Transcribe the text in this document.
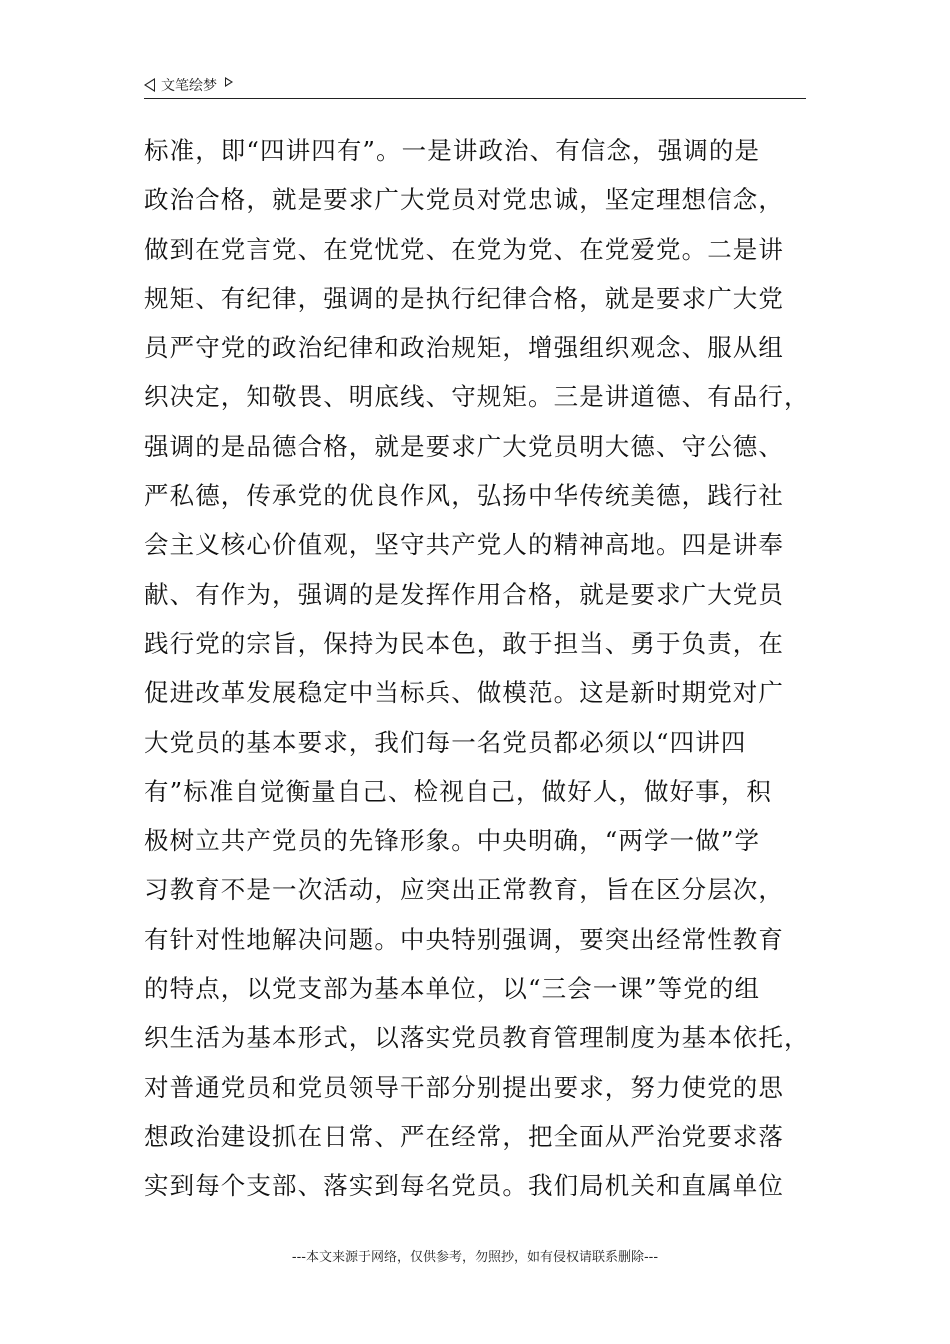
文笔绘梦
标准，即“四讲四有”。一是讲政治、有信念，强调的是
政治合格，就是要求广大党员对党忠诚，坚定理想信念，
做到在党言党、在党忧党、在党为党、在党爱党。二是讲
规矩、有纪律，强调的是执行纪律合格，就是要求广大党
员严守党的政治纪律和政治规矩，增强组织观念、服从组
织决定，知敬畏、明底线、守规矩。三是讲道德、有品行，
强调的是品德合格，就是要求广大党员明大德、守公德、
严私德，传承党的优良作风，弘扬中华传统美德，践行社
会主义核心价值观，坚守共产党人的精神高地。四是讲奉
献、有作为，强调的是发挥作用合格，就是要求广大党员
践行党的宗旨，保持为民本色，敢于担当、勇于负责，在
促进改革发展稳定中当标兵、做模范。这是新时期党对广
大党员的基本要求，我们每一名党员都必须以“四讲四
有”标准自觉衡量自己、检视自己，做好人，做好事，积
极树立共产党员的先锋形象。中央明确，“两学一做”学
习教育不是一次活动，应突出正常教育，旨在区分层次，
有针对性地解决问题。中央特别强调，要突出经常性教育
的特点，以党支部为基本单位，以“三会一课”等党的组
织生活为基本形式，以落实党员教育管理制度为基本依托，
对普通党员和党员领导干部分别提出要求，努力使党的思
想政治建设抓在日常、严在经常，把全面从严治党要求落
实到每个支部、落实到每名党员。我们局机关和直属单位
---本文来源于网络，仅供参考，勿照抄，如有侵权请联系删除---
